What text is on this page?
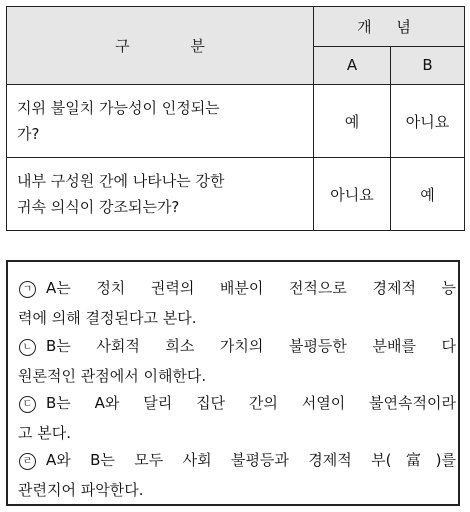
구 분	개 념	
	A	B

지위 불일치 가능성이 인정되는
가?	예	아니요

내부 구성원 간에 나타나는 강한
귀속 의식이 강조되는가?	아니요	예
ㄱ A는 정치 권력의 배분이 전적으로 경제적 능
력에 의해 결정된다고 본다.
ㄴ B는 사회적 희소 가치의 불평등한 분배를 다
원론적인 관점에서 이해한다.
ㄷ B는 A와 달리 집단 간의 서열이 불연속적이라
고 본다.
ㄹ A와 B는 모두 사회 불평등과 경제적 부(富)를
관련지어 파악한다.
